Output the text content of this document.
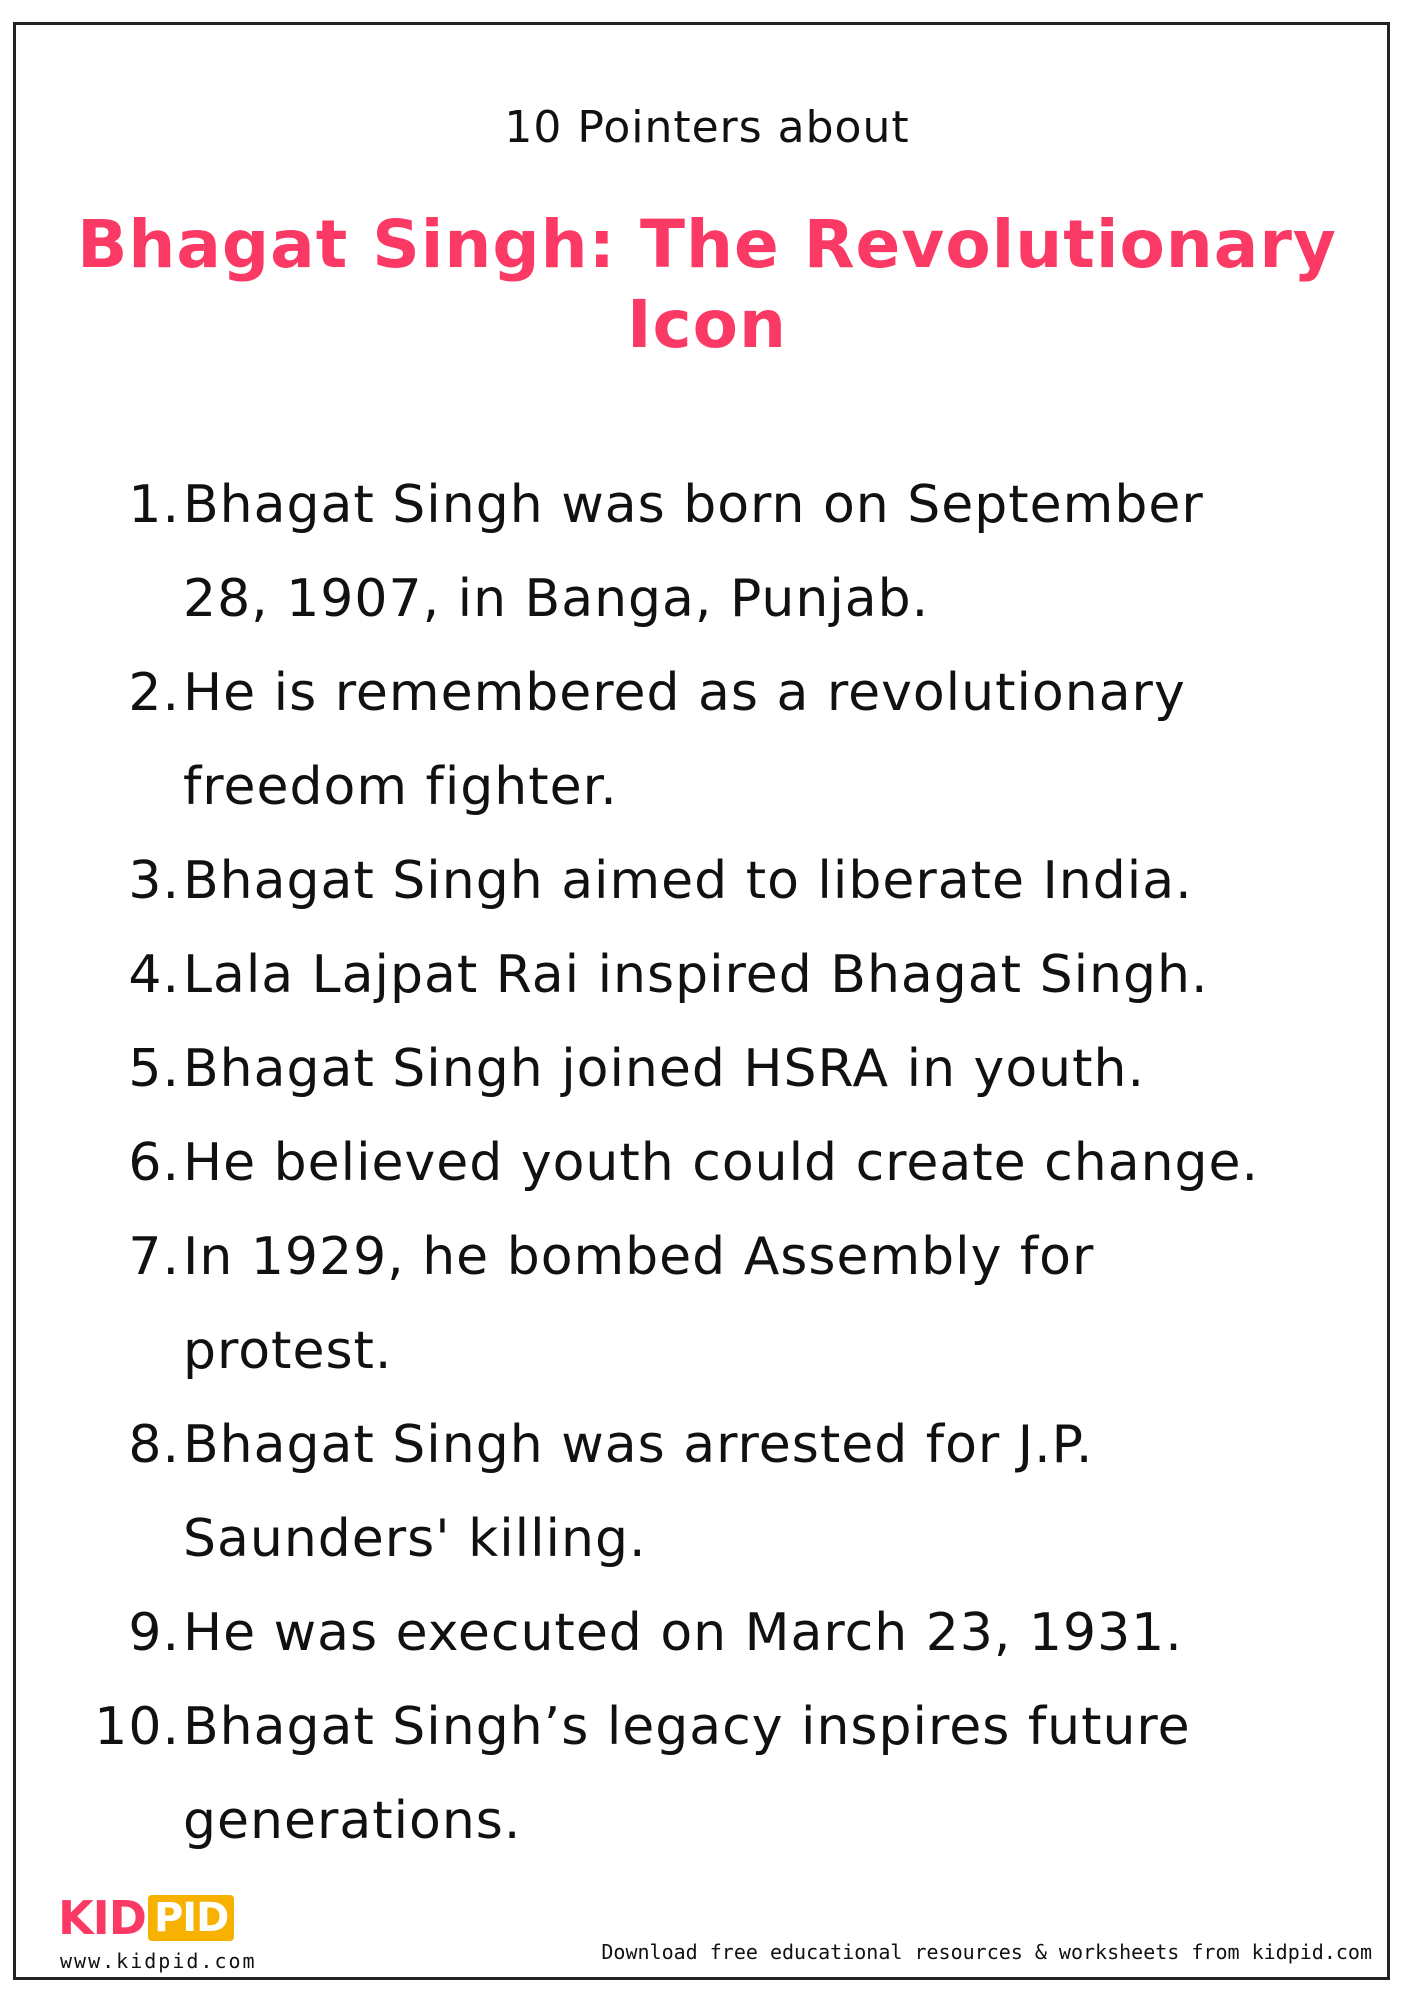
10 Pointers about
Bhagat Singh: The Revolutionary Icon
1. Bhagat Singh was born on September 28, 1907, in Banga, Punjab.
2. He is remembered as a revolutionary freedom fighter.
3. Bhagat Singh aimed to liberate India.
4. Lala Lajpat Rai inspired Bhagat Singh.
5. Bhagat Singh joined HSRA in youth.
6. He believed youth could create change.
7. In 1929, he bombed Assembly for protest.
8. Bhagat Singh was arrested for J.P. Saunders' killing.
9. He was executed on March 23, 1931.
10. Bhagat Singh’s legacy inspires future generations.
KID PID
www.kidpid.com	Download free educational resources & worksheets from kidpid.com
